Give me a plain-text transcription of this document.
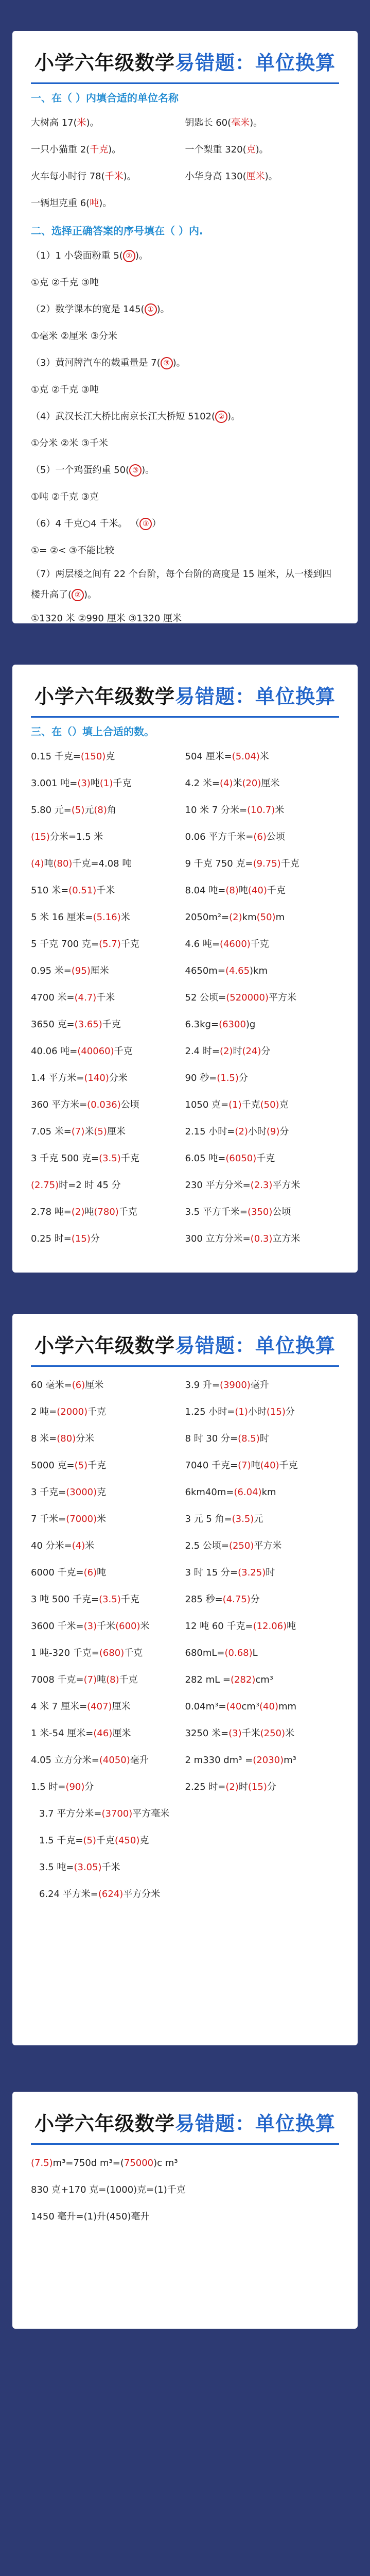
小学六年级数学易错题：单位换算
一、在（ ）内填合适的单位名称
大树高 17(米)。	钥匙长 60(毫米)。
一只小猫重 2(千克)。	一个梨重 320(克)。
火车每小时行 78(千米)。	小华身高 130(厘米)。
一辆坦克重 6(吨)。
二、选择正确答案的序号填在（ ）内.
（1）1 小袋面粉重 5( ② )。
①克 ②千克 ③吨
（2）数学课本的宽是 145( ① )。
①毫米 ②厘米 ③分米
（3）黄河牌汽车的载重量是 7( ③ )。
①克 ②千克 ③吨
（4）武汉长江大桥比南京长江大桥短 5102( ② )。
①分米 ②米 ③千米
（5）一个鸡蛋约重 50( ③ )。
①吨 ②千克 ③克
（6）4 千克○4 千米。 （ ③ ）
①= ②< ③不能比较
（7）两层楼之间有 22 个台阶，每个台阶的高度是 15 厘米，从一楼到四楼升高了( ② )。
①1320 米 ②990 厘米 ③1320 厘米
小学六年级数学易错题：单位换算
三、在（）填上合适的数。
0.15 千克=(150)克	504 厘米=(5.04)米
3.001 吨=(3)吨(1)千克	4.2 米=(4)米(20)厘米
5.80 元=(5)元(8)角	10 米 7 分米=(10.7)米
(15)分米=1.5 米	0.06 平方千米=(6)公顷
(4)吨(80)千克=4.08 吨	9 千克 750 克=(9.75)千克
510 米=(0.51)千米	8.04 吨=(8)吨(40)千克
5 米 16 厘米=(5.16)米	2050m²=(2)km(50)m
5 千克 700 克=(5.7)千克	4.6 吨=(4600)千克
0.95 米=(95)厘米	4650m=(4.65)km
4700 米=(4.7)千米	52 公顷=(520000)平方米
3650 克=(3.65)千克	6.3kg=(6300)g
40.06 吨=(40060)千克	2.4 时=(2)时(24)分
1.4 平方米=(140)分米	90 秒=(1.5)分
360 平方米=(0.036)公顷	1050 克=(1)千克(50)克
7.05 米=(7)米(5)厘米	2.15 小时=(2)小时(9)分
3 千克 500 克=(3.5)千克	6.05 吨=(6050)千克
(2.75)时=2 时 45 分	230 平方分米=(2.3)平方米
2.78 吨=(2)吨(780)千克	3.5 平方千米=(350)公顷
0.25 时=(15)分	300 立方分米=(0.3)立方米
小学六年级数学易错题：单位换算
60 毫米=(6)厘米	3.9 升=(3900)毫升
2 吨=(2000)千克	1.25 小时=(1)小时(15)分
8 米=(80)分米	8 时 30 分=(8.5)时
5000 克=(5)千克	7040 千克=(7)吨(40)千克
3 千克=(3000)克	6km40m=(6.04)km
7 千米=(7000)米	3 元 5 角=(3.5)元
40 分米=(4)米	2.5 公顷=(250)平方米
6000 千克=(6)吨	3 时 15 分=(3.25)时
3 吨 500 千克=(3.5)千克	285 秒=(4.75)分
3600 千米=(3)千米(600)米	12 吨 60 千克=(12.06)吨
1 吨-320 千克=(680)千克	680mL=(0.68)L
7008 千克=(7)吨(8)千克	282 mL =(282)cm³
4 米 7 厘米=(407)厘米	0.04m³=(40cm³(40)mm
1 米-54 厘米=(46)厘米	3250 米=(3)千米(250)米
4.05 立方分米=(4050)毫升	2 m330 dm³ =(2030)m³
1.5 时=(90)分	2.25 时=(2)时(15)分
3.7 平方分米=(3700)平方毫米
1.5 千克=(5)千克(450)克
3.5 吨=(3.05)千米
6.24 平方米=(624)平方分米
小学六年级数学易错题：单位换算
(7.5)m³=750d m³=(75000)c m³
830 克+170 克=(1000)克=(1)千克
1450 毫升=(1)升(450)毫升
